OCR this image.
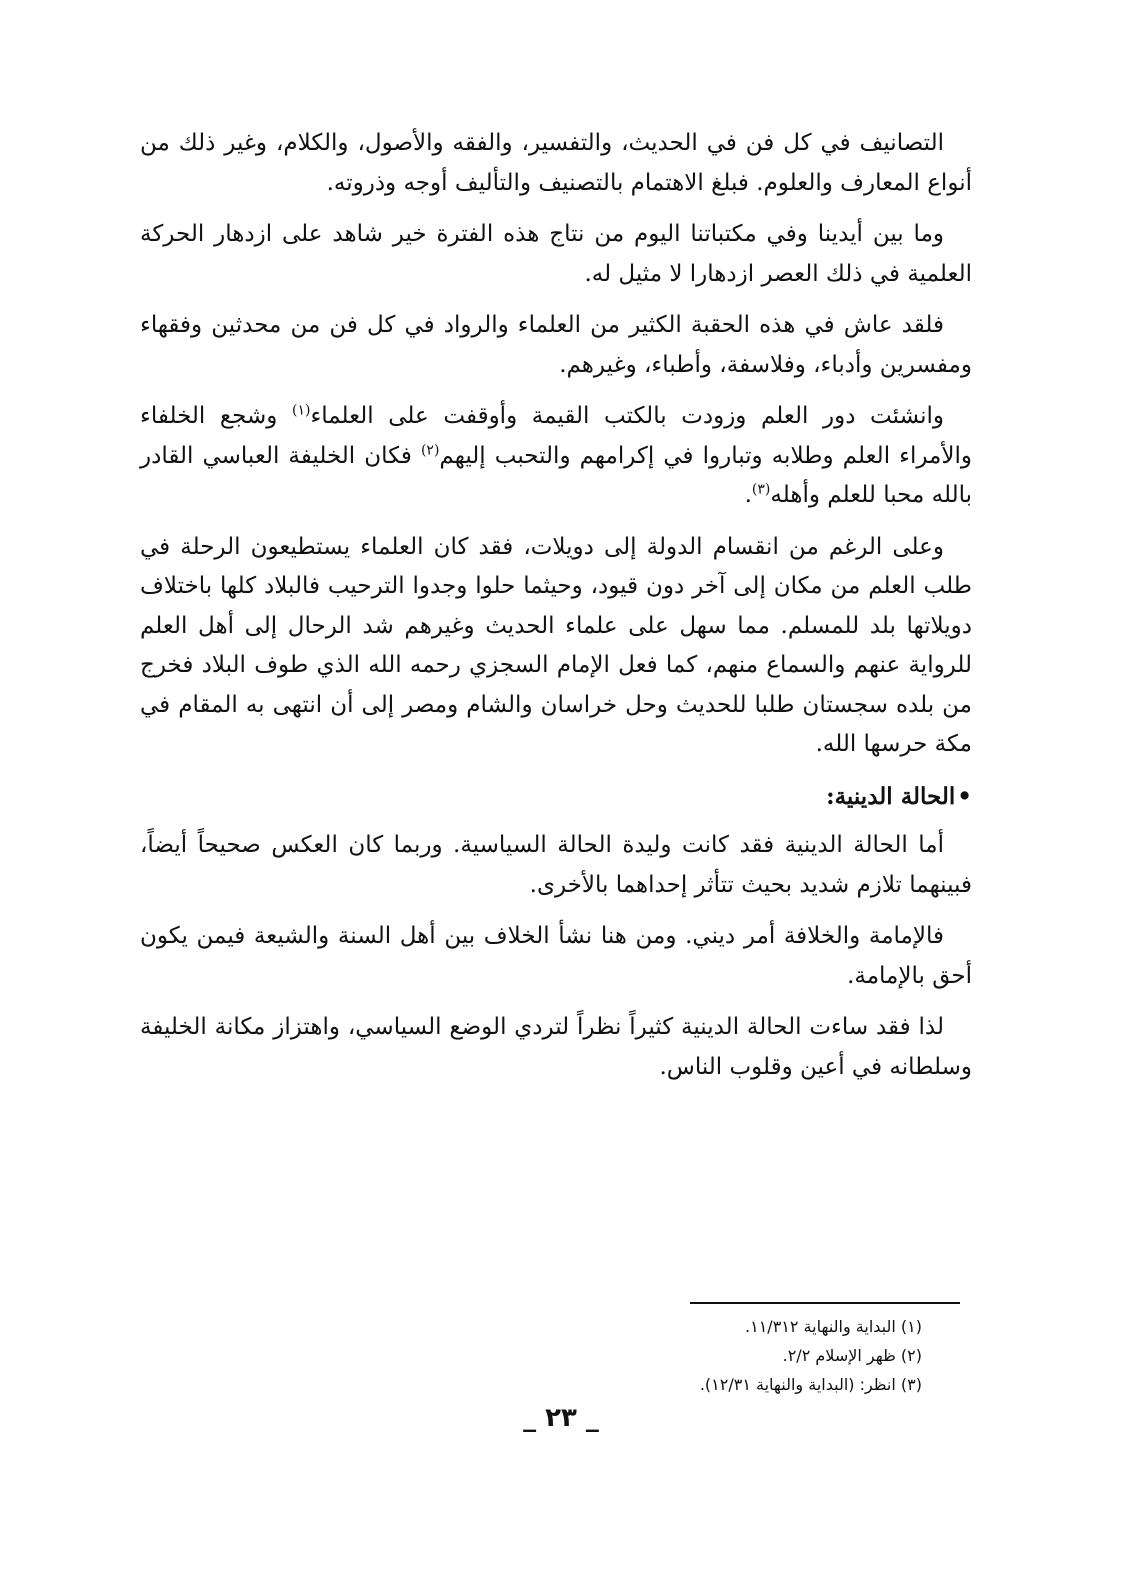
التصانيف في كل فن في الحديث، والتفسير، والفقه والأصول، والكلام، وغير ذلك من أنواع المعارف والعلوم. فبلغ الاهتمام بالتصنيف والتأليف أوجه وذروته.

وما بين أيدينا وفي مكتباتنا اليوم من نتاج هذه الفترة خير شاهد على ازدهار الحركة العلمية في ذلك العصر ازدهارا لا مثيل له.

فلقد عاش في هذه الحقبة الكثير من العلماء والرواد في كل فن من محدثين وفقهاء ومفسرين وأدباء، وفلاسفة، وأطباء، وغيرهم.

وانشئت دور العلم وزودت بالكتب القيمة وأوقفت على العلماء$^{(١)}$ وشجع الخلفاء والأمراء العلم وطلابه وتباروا في إكرامهم والتحبب إليهم$^{(٢)}$ فكان الخليفة العباسي القادر بالله محبا للعلم وأهله$^{(٣)}$.

وعلى الرغم من انقسام الدولة إلى دويلات، فقد كان العلماء يستطيعون الرحلة في طلب العلم من مكان إلى آخر دون قيود، وحيثما حلوا وجدوا الترحيب فالبلاد كلها باختلاف دويلاتها بلد للمسلم. مما سهل على علماء الحديث وغيرهم شد الرحال إلى أهل العلم للرواية عنهم والسماع منهم، كما فعل الإمام السجزي رحمه الله الذي طوف البلاد فخرج من بلده سجستان طلبا للحديث وحل خراسان والشام ومصر إلى أن انتهى به المقام في مكة حرسها الله.

•الحالة الدينية:

أما الحالة الدينية فقد كانت وليدة الحالة السياسية. وربما كان العكس صحيحاً أيضاً، فبينهما تلازم شديد بحيث تتأثر إحداهما بالأخرى.

فالإمامة والخلافة أمر ديني. ومن هنا نشأ الخلاف بين أهل السنة والشيعة فيمن يكون أحق بالإمامة.

لذا فقد ساءت الحالة الدينية كثيراً نظراً لتردي الوضع السياسي، واهتزاز مكانة الخليفة وسلطانه في أعين وقلوب الناس.

(١) البداية والنهاية ١١/٣١٢.

(٢) ظهر الإسلام ٢/٢.

(٣) انظر: (البداية والنهاية ١٢/٣١).

_ ٢٣ _
